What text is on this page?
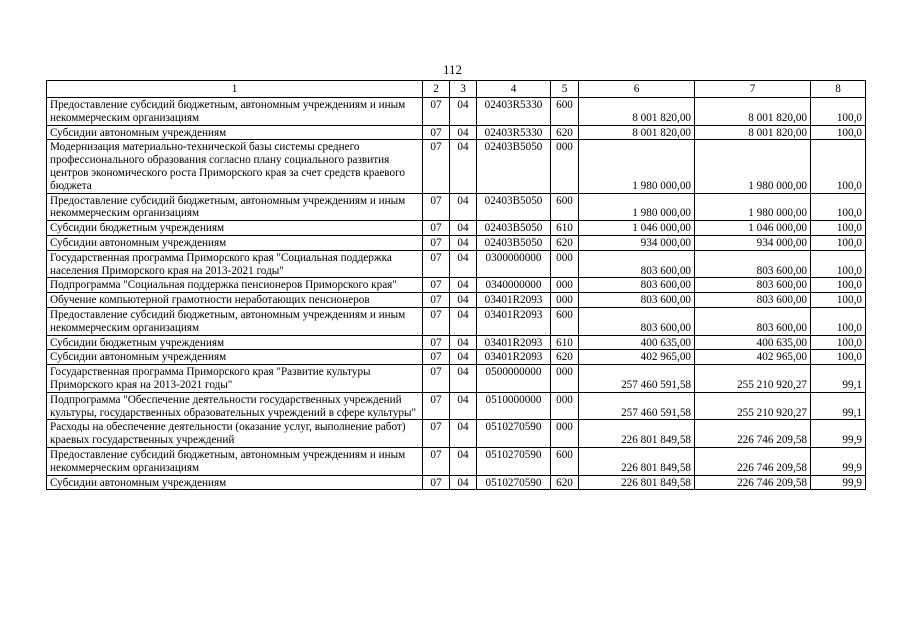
112
1	2	3	4	5	6	7	8
Предоставление субсидий бюджетным, автономным учреждениям и иным некоммерческим организациям	07	04	02403R5330	600	8 001 820,00	8 001 820,00	100,0
Субсидии автономным учреждениям	07	04	02403R5330	620	8 001 820,00	8 001 820,00	100,0
Модернизация материально-технической базы системы среднего профессионального образования согласно плану социального развития центров экономического роста Приморского края за счет средств краевого бюджета	07	04	02403B5050	000	1 980 000,00	1 980 000,00	100,0
Предоставление субсидий бюджетным, автономным учреждениям и иным некоммерческим организациям	07	04	02403B5050	600	1 980 000,00	1 980 000,00	100,0
Субсидии бюджетным учреждениям	07	04	02403B5050	610	1 046 000,00	1 046 000,00	100,0
Субсидии автономным учреждениям	07	04	02403B5050	620	934 000,00	934 000,00	100,0
Государственная программа Приморского края "Социальная поддержка населения Приморского края на 2013-2021 годы"	07	04	0300000000	000	803 600,00	803 600,00	100,0
Подпрограмма "Социальная поддержка пенсионеров Приморского края"	07	04	0340000000	000	803 600,00	803 600,00	100,0
Обучение компьютерной грамотности неработающих пенсионеров	07	04	03401R2093	000	803 600,00	803 600,00	100,0
Предоставление субсидий бюджетным, автономным учреждениям и иным некоммерческим организациям	07	04	03401R2093	600	803 600,00	803 600,00	100,0
Субсидии бюджетным учреждениям	07	04	03401R2093	610	400 635,00	400 635,00	100,0
Субсидии автономным учреждениям	07	04	03401R2093	620	402 965,00	402 965,00	100,0
Государственная программа Приморского края "Развитие культуры Приморского края на 2013-2021 годы"	07	04	0500000000	000	257 460 591,58	255 210 920,27	99,1
Подпрограмма "Обеспечение деятельности государственных учреждений культуры, государственных образовательных учреждений в сфере культуры"	07	04	0510000000	000	257 460 591,58	255 210 920,27	99,1
Расходы на обеспечение деятельности (оказание услуг, выполнение работ) краевых государственных учреждений	07	04	0510270590	000	226 801 849,58	226 746 209,58	99,9
Предоставление субсидий бюджетным, автономным учреждениям и иным некоммерческим организациям	07	04	0510270590	600	226 801 849,58	226 746 209,58	99,9
Субсидии автономным учреждениям	07	04	0510270590	620	226 801 849,58	226 746 209,58	99,9
